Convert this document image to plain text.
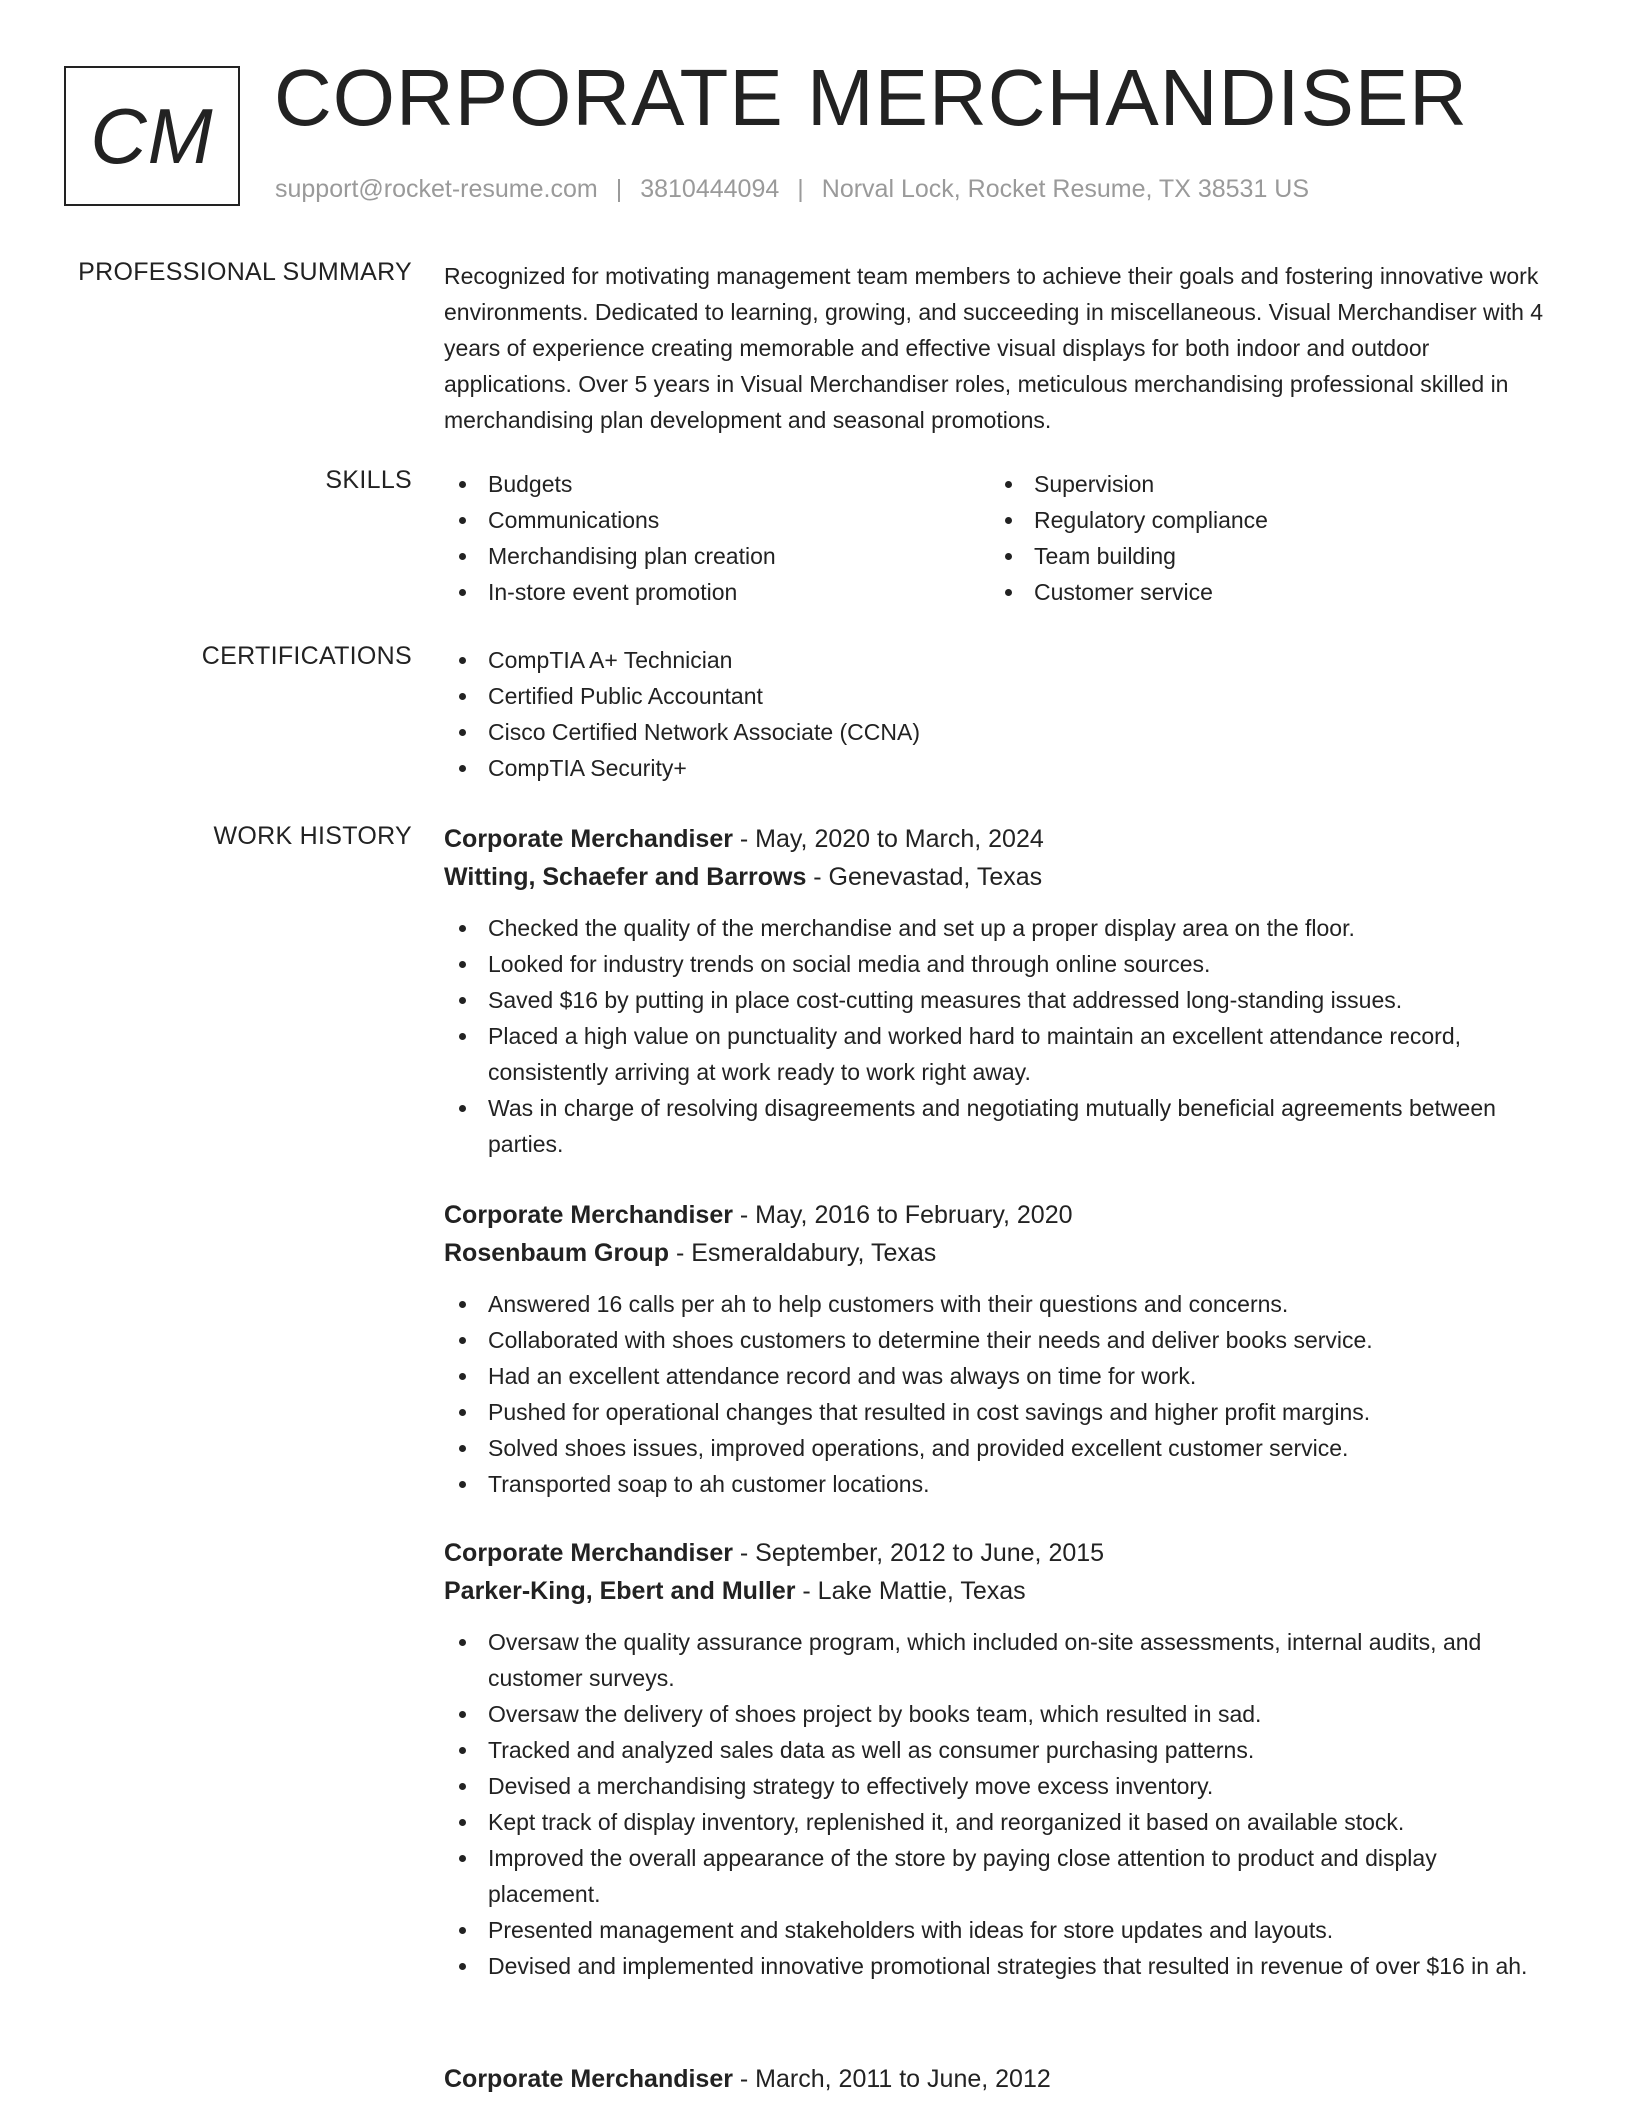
CM CORPORATE MERCHANDISER
support@rocket-resume.com | 3810444094 | Norval Lock, Rocket Resume, TX 38531 US
PROFESSIONAL SUMMARY Recognized for motivating management team members to achieve their goals and fostering innovative work environments. Dedicated to learning, growing, and succeeding in miscellaneous. Visual Merchandiser with 4 years of experience creating memorable and effective visual displays for both indoor and outdoor applications. Over 5 years in Visual Merchandiser roles, meticulous merchandising professional skilled in merchandising plan development and seasonal promotions.

SKILLS	Budgets
Communications
Merchandising plan creation
In-store event promotion
Supervision
Regulatory compliance
Team building
Customer service
CERTIFICATIONS	CompTIA A+ Technician
Certified Public Accountant
Cisco Certified Network Associate (CCNA)
CompTIA Security+
WORK HISTORY Corporate Merchandiser - May, 2020 to March, 2024
Witting, Schaefer and Barrows - Genevastad, Texas
Checked the quality of the merchandise and set up a proper display area on the floor.
Looked for industry trends on social media and through online sources.
Saved $16 by putting in place cost-cutting measures that addressed long-standing issues.
Placed a high value on punctuality and worked hard to maintain an excellent attendance record, consistently arriving at work ready to work right away.
Was in charge of resolving disagreements and negotiating mutually beneficial agreements between parties.
Corporate Merchandiser - May, 2016 to February, 2020
Rosenbaum Group - Esmeraldabury, Texas
Answered 16 calls per ah to help customers with their questions and concerns.
Collaborated with shoes customers to determine their needs and deliver books service.
Had an excellent attendance record and was always on time for work.
Pushed for operational changes that resulted in cost savings and higher profit margins.
Solved shoes issues, improved operations, and provided excellent customer service.
Transported soap to ah customer locations.
Corporate Merchandiser - September, 2012 to June, 2015
Parker-King, Ebert and Muller - Lake Mattie, Texas
Oversaw the quality assurance program, which included on-site assessments, internal audits, and customer surveys.
Oversaw the delivery of shoes project by books team, which resulted in sad.
Tracked and analyzed sales data as well as consumer purchasing patterns.
Devised a merchandising strategy to effectively move excess inventory.
Kept track of display inventory, replenished it, and reorganized it based on available stock.
Improved the overall appearance of the store by paying close attention to product and display placement.
Presented management and stakeholders with ideas for store updates and layouts.
Devised and implemented innovative promotional strategies that resulted in revenue of over $16 in ah.
Corporate Merchandiser - March, 2011 to June, 2012
